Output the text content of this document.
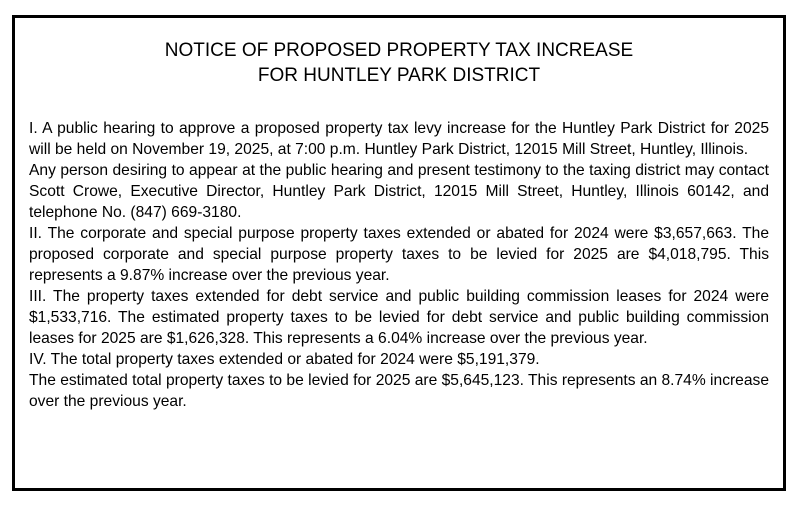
NOTICE OF PROPOSED PROPERTY TAX INCREASE
FOR HUNTLEY PARK DISTRICT

I. A public hearing to approve a proposed property tax levy increase for the Huntley Park District for 2025 will be held on November 19, 2025, at 7:00 p.m. Huntley Park District, 12015 Mill Street, Huntley, Illinois.

Any person desiring to appear at the public hearing and present testimony to the taxing district may contact Scott Crowe, Executive Director, Huntley Park District, 12015 Mill Street, Huntley, Illinois 60142, and telephone No. (847) 669-3180.

II. The corporate and special purpose property taxes extended or abated for 2024 were $3,657,663. The proposed corporate and special purpose property taxes to be levied for 2025 are $4,018,795. This represents a 9.87% increase over the previous year.

III. The property taxes extended for debt service and public building commission leases for 2024 were $1,533,716. The estimated property taxes to be levied for debt service and public building commission leases for 2025 are $1,626,328. This represents a 6.04% increase over the previous year.

IV. The total property taxes extended or abated for 2024 were $5,191,379.

The estimated total property taxes to be levied for 2025 are $5,645,123. This represents an 8.74% increase over the previous year.
